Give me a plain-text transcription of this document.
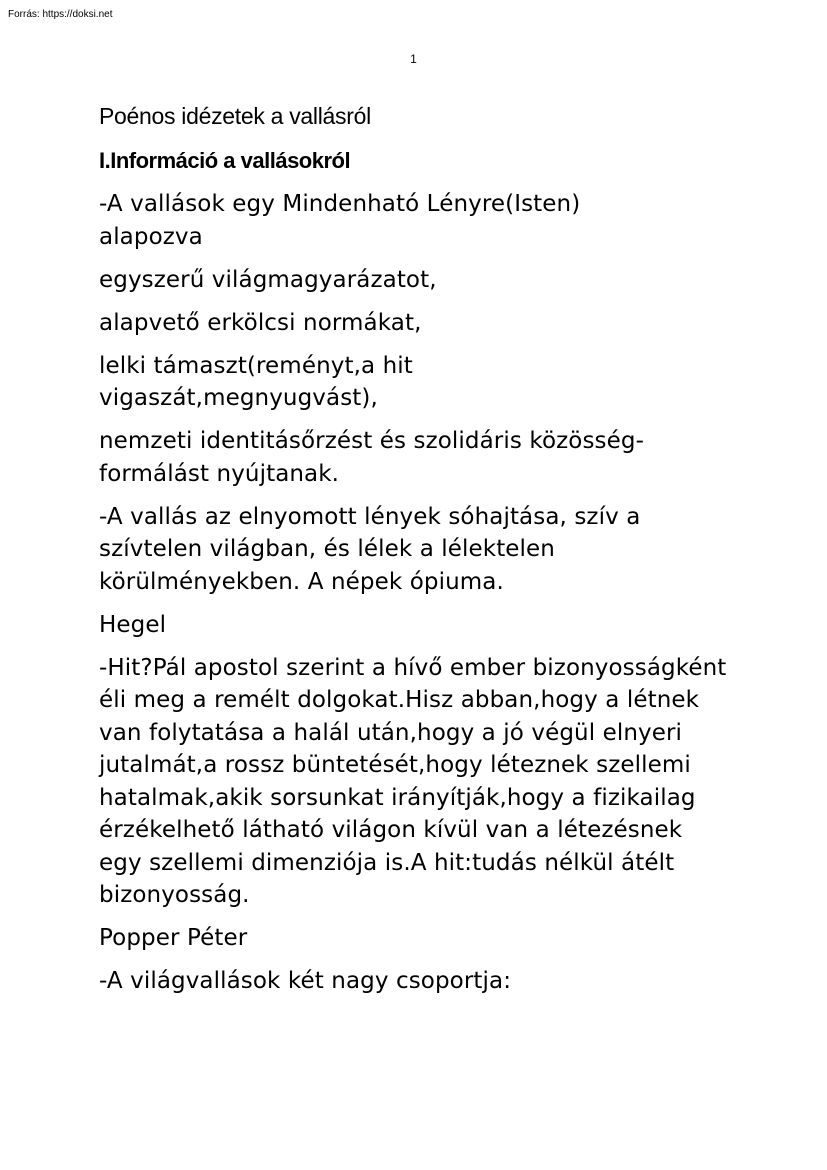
Forrás: https://doksi.net
1
Poénos idézetek a vallásról
I.Információ a vallásokról
-A vallások egy Mindenható Lényre(Isten) alapozva
egyszerű világmagyarázatot,
alapvető erkölcsi normákat,
lelki támaszt(reményt,a hit vigaszát,megnyugvást),
nemzeti identitásőrzést és szolidáris közösség-formálást nyújtanak.
-A vallás az elnyomott lények sóhajtása, szív a szívtelen világban, és lélek a lélektelen körülményekben. A népek ópiuma.
Hegel
-Hit?Pál apostol szerint a hívő ember bizonyosságként éli meg a remélt dolgokat.Hisz abban,hogy a létnek van folytatása a halál után,hogy a jó végül elnyeri jutalmát,a rossz büntetését,hogy léteznek szellemi hatalmak,akik sorsunkat irányítják,hogy a fizikailag érzékelhető látható világon kívül van a létezésnek egy szellemi dimenziója is.A hit:tudás nélkül átélt bizonyosság.
Popper Péter
-A világvallások két nagy csoportja:
